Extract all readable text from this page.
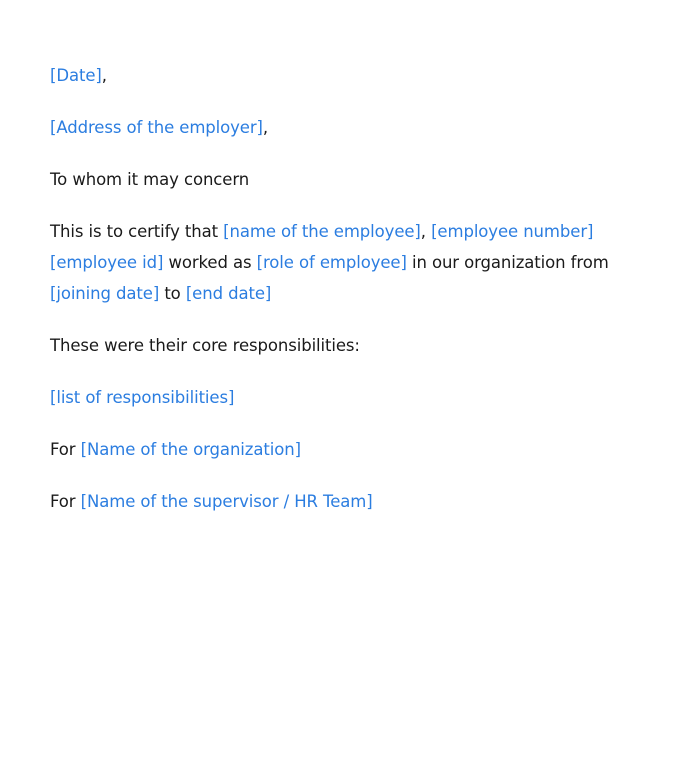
[Date],

[Address of the employer],

To whom it may concern

This is to certify that [name of the employee], [employee number] [employee id] worked as [role of employee] in our organization from [joining date] to [end date]

These were their core responsibilities:

[list of responsibilities]

For [Name of the organization]

For [Name of the supervisor / HR Team]
